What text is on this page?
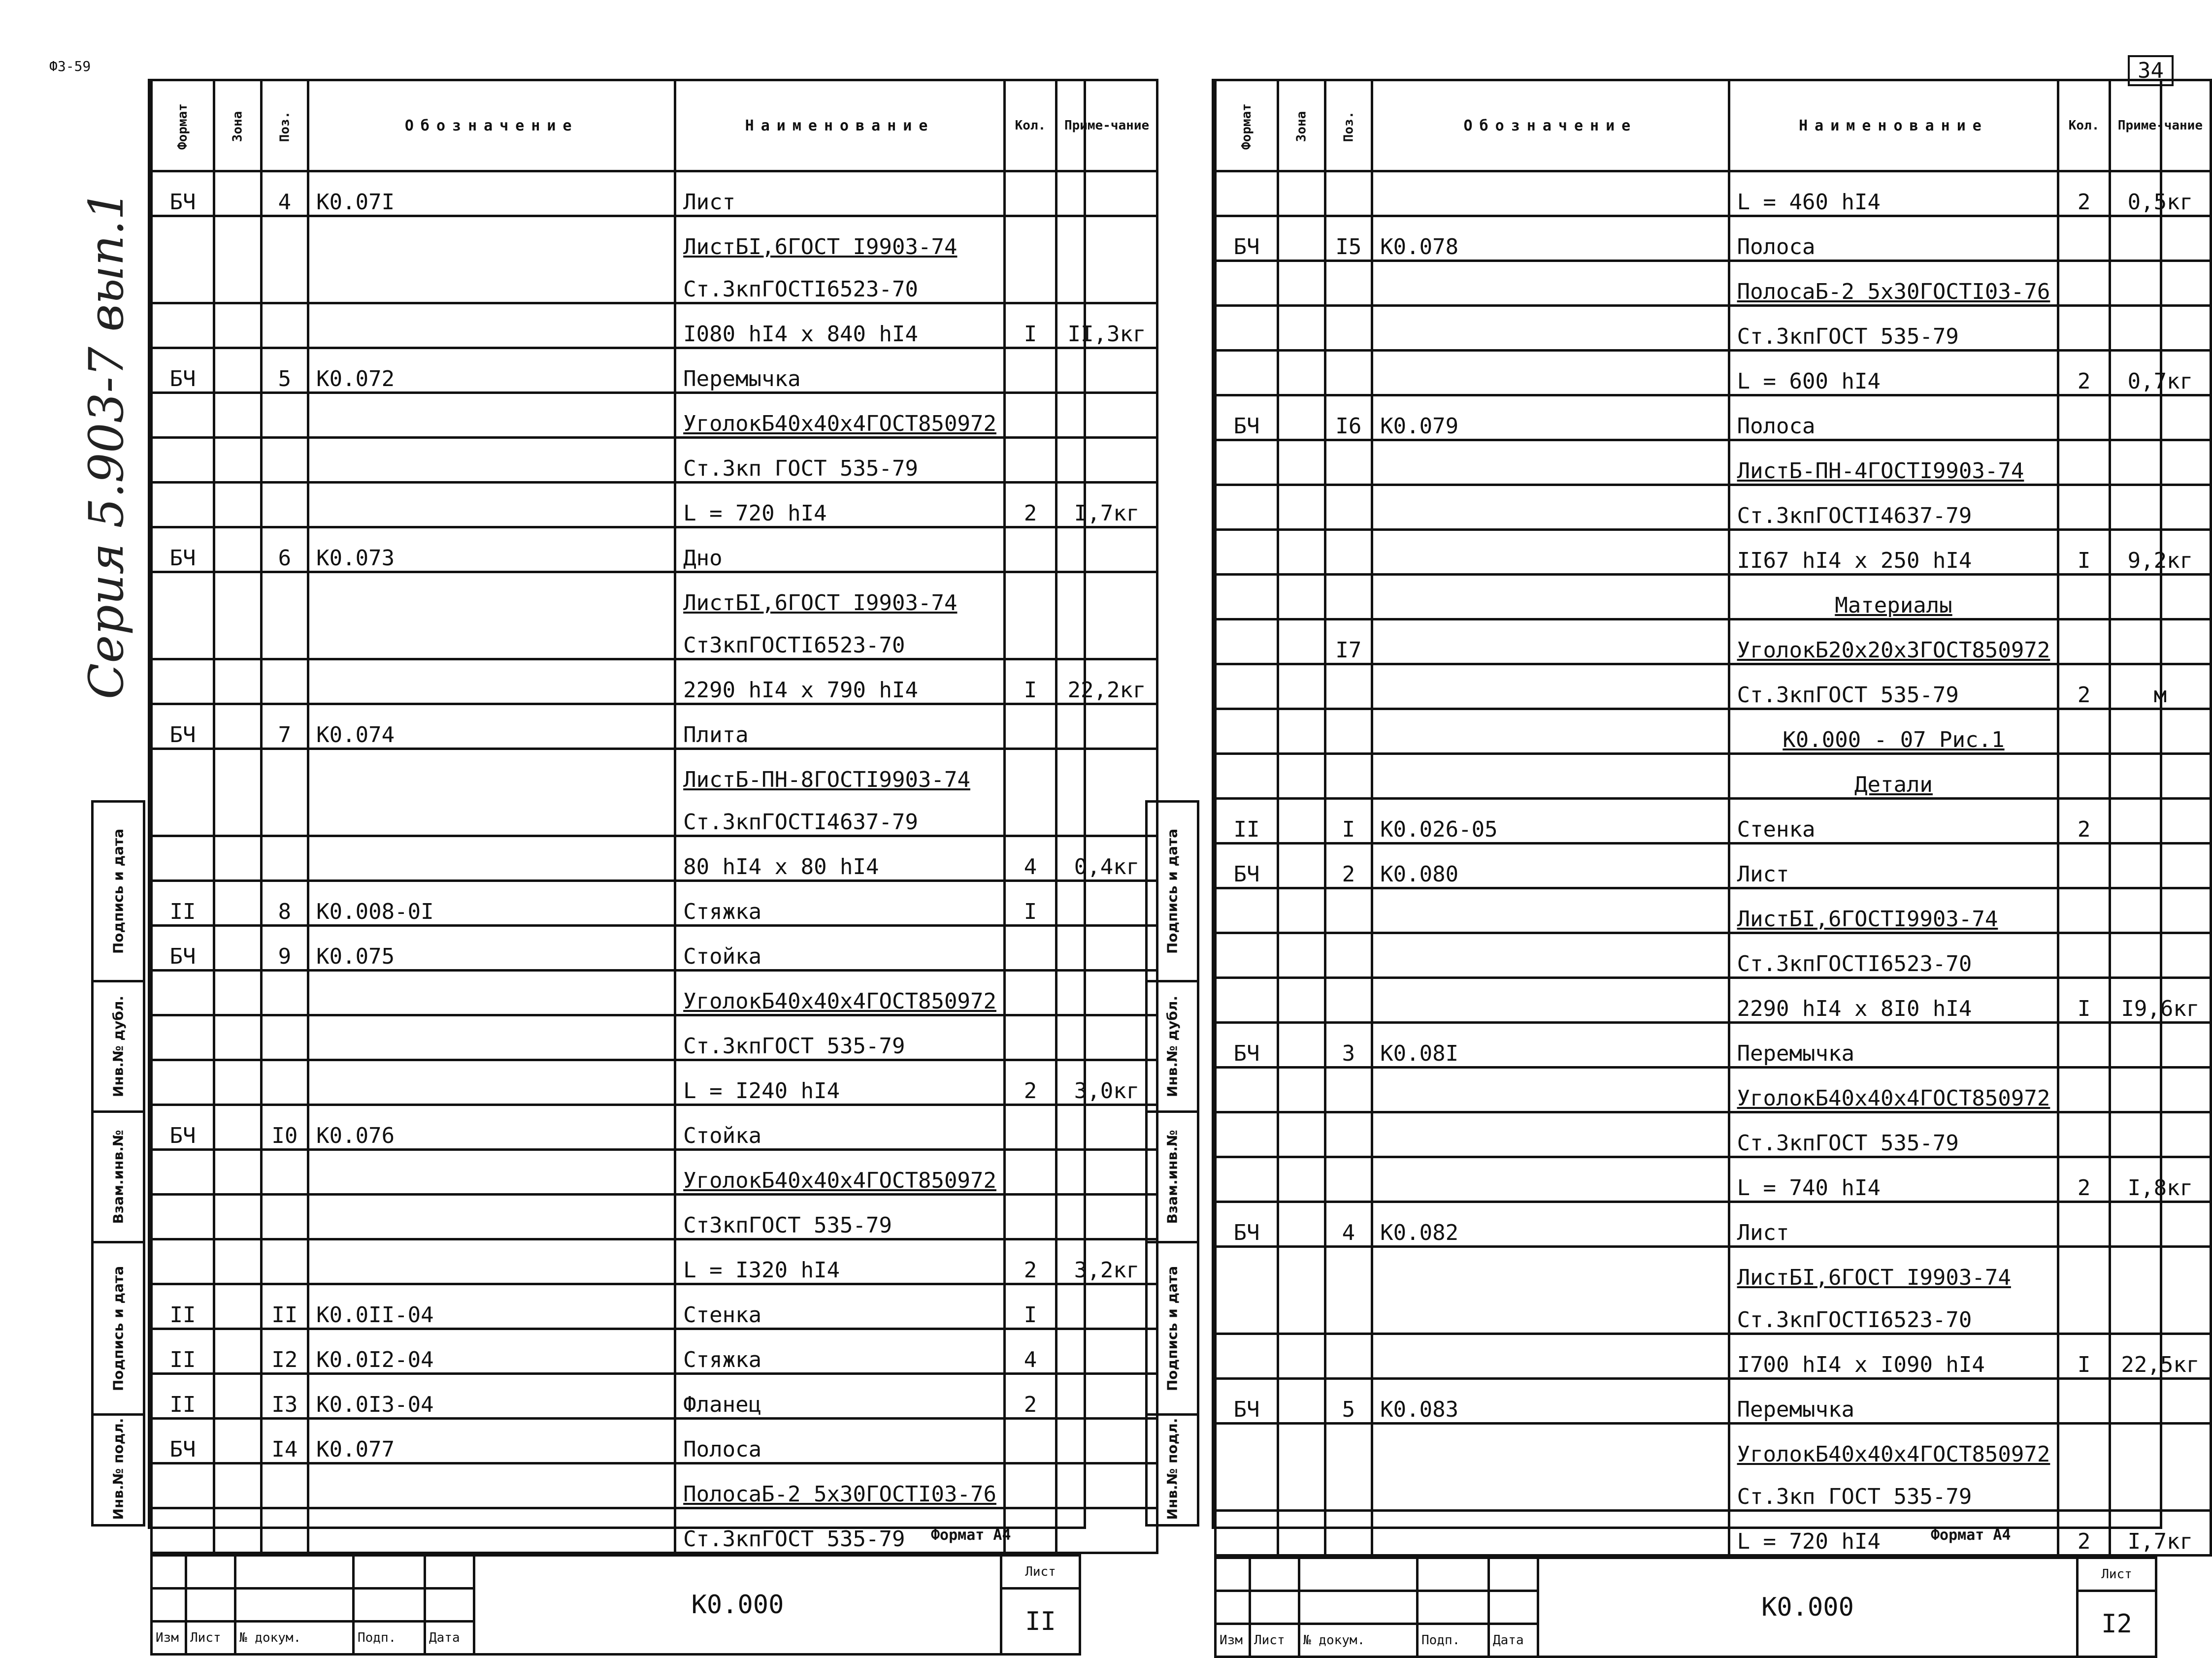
ФЗ-59	34
Серия 5.903-7 вып.1
Подпись и дата
Инв.№ дубл.
Взам.инв.№
Подпись и дата
Инв.№ подл.
Формат	Зона	Поз.	Обозначение	Наименование	Кол.	Приме-чание
БЧ		4	К0.07I	Лист		
				ЛистБI,6ГОСТ I9903-74		
				Ст.3кпГОСТI6523-70		
				I080 hI4 x 840 hI4	I	II,3кг
БЧ		5	К0.072	Перемычка		
				УголокБ40х40х4ГОСТ850972		
				Ст.3кп ГОСТ 535-79		
				L = 720 hI4	2	I,7кг
БЧ		6	К0.073	Дно		
				ЛистБI,6ГОСТ I9903-74		
				Ст3кпГОСТI6523-70		
				2290 hI4 x 790 hI4	I	22,2кг
БЧ		7	К0.074	Плита		
				ЛистБ-ПН-8ГОСТI9903-74		
				Ст.3кпГОСТI4637-79		
				80 hI4 x 80 hI4	4	0,4кг
II		8	К0.008-0I	Стяжка	I	
БЧ		9	К0.075	Стойка		
				УголокБ40х40х4ГОСТ850972		
				Ст.3кпГОСТ 535-79		
				L = I240 hI4	2	3,0кг
БЧ		I0	К0.076	Стойка		
				УголокБ40х40х4ГОСТ850972		
				Ст3кпГОСТ 535-79		
				L = I320 hI4	2	3,2кг
II		II	К0.0II-04	Стенка	I	
II		I2	К0.0I2-04	Стяжка	4	
II		I3	К0.0I3-04	Фланец	2	
БЧ		I4	К0.077	Полоса		
				ПолосаБ-2 5х30ГОСТI03-76		
				Ст.3кпГОСТ 535-79		
					К0.000	Лист
						II
Изм	Лист	№ докум.	Подп.	Дата		
Формат А4
Подпись и дата
Инв.№ дубл.
Взам.инв.№
Подпись и дата
Инв.№ подл.
Формат	Зона	Поз.	Обозначение	Наименование	Кол.	Приме-чание
				L = 460 hI4	2	0,5кг
БЧ		I5	К0.078	Полоса		
				ПолосаБ-2 5х30ГОСТI03-76		
				Ст.3кпГОСТ 535-79		
				L = 600 hI4	2	0,7кг
БЧ		I6	К0.079	Полоса		
				ЛистБ-ПН-4ГОСТI9903-74		
				Ст.3кпГОСТI4637-79		
				II67 hI4 x 250 hI4	I	9,2кг
				Материалы		
		I7		УголокБ20х20х3ГОСТ850972		
				Ст.3кпГОСТ 535-79	2	м
				К0.000 - 07 Рис.1		
				Детали		
II		I	К0.026-05	Стенка	2	
БЧ		2	К0.080	Лист		
				ЛистБI,6ГОСТI9903-74		
				Ст.3кпГОСТI6523-70		
				2290 hI4 x 8I0 hI4	I	I9,6кг
БЧ		3	К0.08I	Перемычка		
				УголокБ40х40х4ГОСТ850972		
				Ст.3кпГОСТ 535-79		
				L = 740 hI4	2	I,8кг
БЧ		4	К0.082	Лист		
				ЛистБI,6ГОСТ I9903-74		
				Ст.3кпГОСТI6523-70		
				I700 hI4 x I090 hI4	I	22,5кг
БЧ		5	К0.083	Перемычка		
				УголокБ40х40х4ГОСТ850972		
				Ст.3кп ГОСТ 535-79		
				L = 720 hI4	2	I,7кг
					К0.000	Лист
						I2
Изм	Лист	№ докум.	Подп.	Дата		
Формат А4
